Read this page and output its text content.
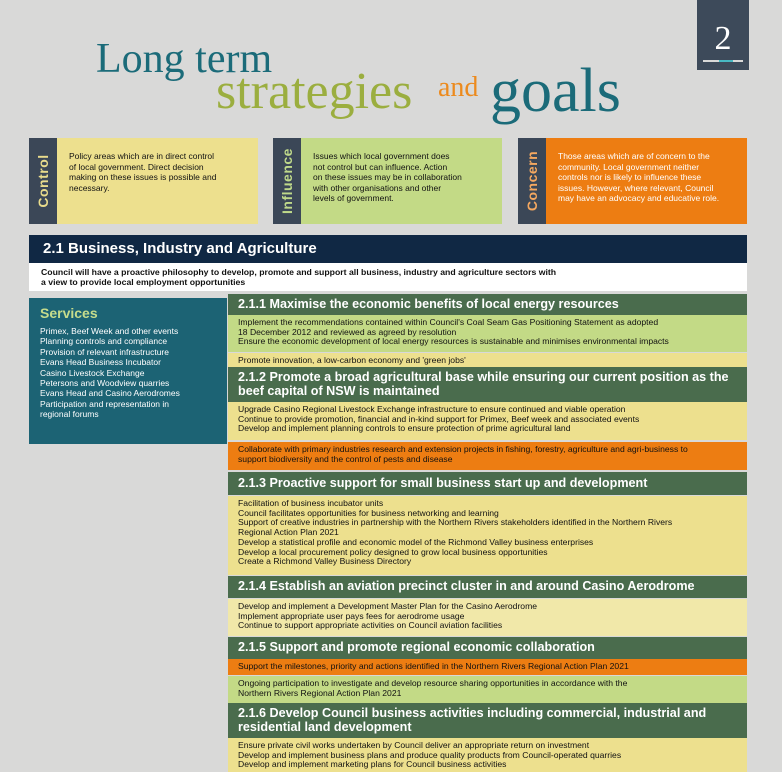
2
Long term
strategies and goals
Control Policy areas which are in direct control
of local government. Direct decision
making on these issues is possible and
necessary.	Influence Issues which local government does
not control but can influence. Action
on these issues may be in collaboration
with other organisations and other
levels of government.	Concern Those areas which are of concern to the
community. Local government neither
controls nor is likely to influence these
issues. However, where relevant, Council
may have an advocacy and educative role.
2.1 Business, Industry and Agriculture
Council will have a proactive philosophy to develop, promote and support all business, industry and agriculture sectors with
a view to provide local employment opportunities
Services
Primex, Beef Week and other events
Planning controls and compliance
Provision of relevant infrastructure
Evans Head Business Incubator
Casino Livestock Exchange
Petersons and Woodview quarries
Evans Head and Casino Aerodromes
Participation and representation in
regional forums
2.1.1 Maximise the economic benefits of local energy resources
Implement the recommendations contained within Council's Coal Seam Gas Positioning Statement as adopted
18 December 2012 and reviewed as agreed by resolution
Ensure the economic development of local energy resources is sustainable and minimises environmental impacts
Promote innovation, a low-carbon economy and 'green jobs'
2.1.2 Promote a broad agricultural base while ensuring our current position as the
beef capital of NSW is maintained
Upgrade Casino Regional Livestock Exchange infrastructure to ensure continued and viable operation
Continue to provide promotion, financial and in-kind support for Primex, Beef week and associated events
Develop and implement planning controls to ensure protection of prime agricultural land
Collaborate with primary industries research and extension projects in fishing, forestry, agriculture and agri-business to
support biodiversity and the control of pests and disease
2.1.3 Proactive support for small business start up and development
Facilitation of business incubator units
Council facilitates opportunities for business networking and learning
Support of creative industries in partnership with the Northern Rivers stakeholders identified in the Northern Rivers
Regional Action Plan 2021
Develop a statistical profile and economic model of the Richmond Valley business enterprises
Develop a local procurement policy designed to grow local business opportunities
Create a Richmond Valley Business Directory
2.1.4 Establish an aviation precinct cluster in and around Casino Aerodrome
Develop and implement a Development Master Plan for the Casino Aerodrome
Implement appropriate user pays fees for aerodrome usage
Continue to support appropriate activities on Council aviation facilities
2.1.5 Support and promote regional economic collaboration
Support the milestones, priority and actions identified in the Northern Rivers Regional Action Plan 2021
Ongoing participation to investigate and develop resource sharing opportunities in accordance with the
Northern Rivers Regional Action Plan 2021
2.1.6 Develop Council business activities including commercial, industrial and
residential land development
Ensure private civil works undertaken by Council deliver an appropriate return on investment
Develop and implement business plans and produce quality products from Council-operated quarries
Develop and implement marketing plans for Council business activities
